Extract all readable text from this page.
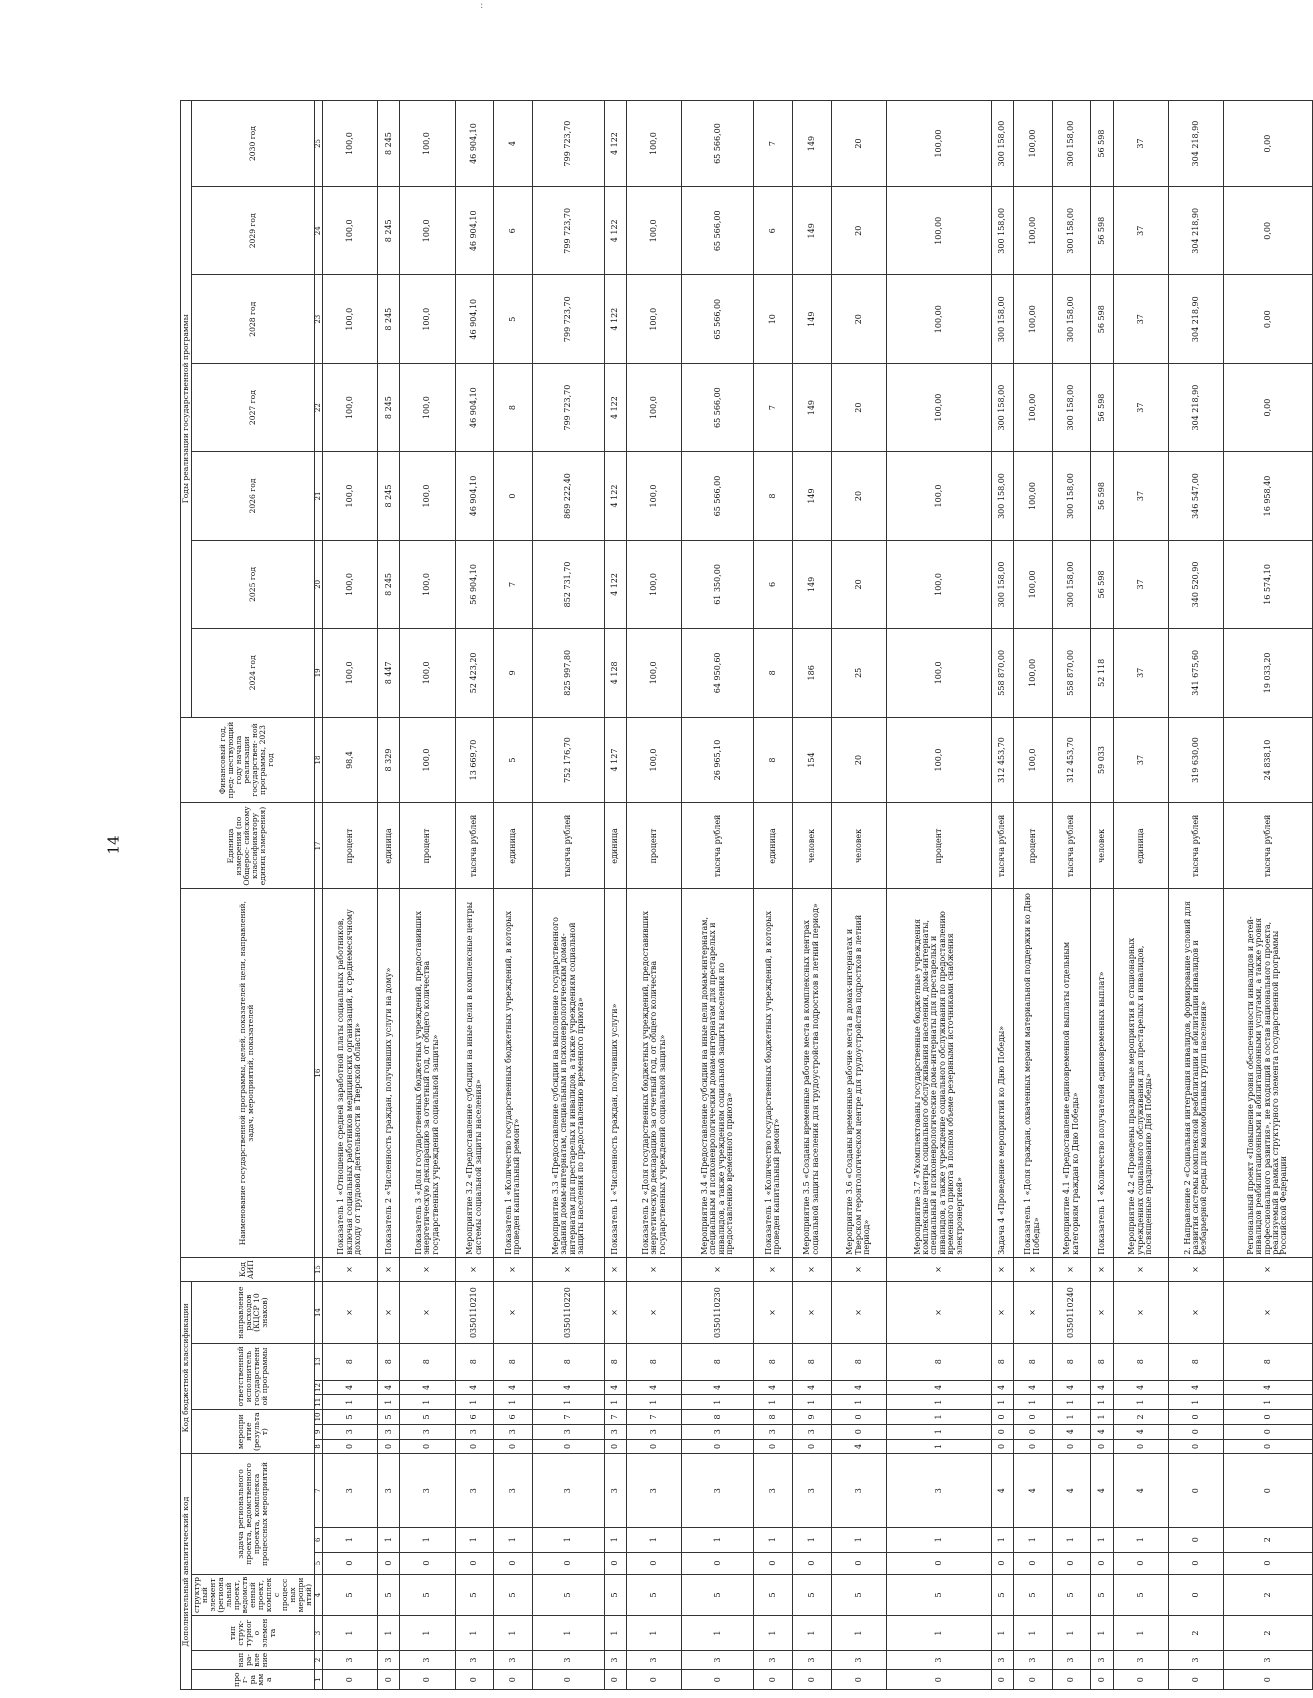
14
:
Дополнительный аналитический код							Код бюджетной классификации							Код АИП	Наименование государственной программы, целей, показателей цели, направлений, задач, мероприятий, показателей	Единица измерения (по Общерос- сийскому классификатору единиц измерения)	Финансовый год, пред- шествующий году начала реализации государствен- ной программы, 2023 год	Годы реализации государственной программы						
прог- рамма	напра- вление	тип струк- турного элемента	структурный элемент (региональный проект, ведомственный проект, комплекс процессных мероприятий)	задача регионального проекта, ведомственного проекта, комплекса процессных мероприятий			мероприятие (результат)			ответственный исполнитель государственной программы			направление расходов (КЦСР 10 знаков)					2024 год	2025 год	2026 год	2027 год	2028 год	2029 год	2030 год

1	2	3	4	5	6	7	8	9	10	11	12	13	14	15	16	17	18	19	20	21	22	23	24	25
0	3	1	5	0	1	3	0	3	5	1	4	8	×	×	Показатель 1 «Отношение средней заработной платы социальных работников, включая социальных работников медицинских организаций, к среднемесячному доходу от трудовой деятельности в Тверской области»	процент	98,4	100,0	100,0	100,0	100,0	100,0	100,0	100,0
0	3	1	5	0	1	3	0	3	5	1	4	8	×	×	Показатель 2 «Численность граждан, получивших услуги на дому»	единица	8 329	8 447	8 245	8 245	8 245	8 245	8 245	8 245
0	3	1	5	0	1	3	0	3	5	1	4	8	×	×	Показатель 3 «Доля государственных бюджетных учреждений, предоставивших энергетическую декларацию за отчетный год, от общего количества государственных учреждений социальной защиты»	процент	100,0	100,0	100,0	100,0	100,0	100,0	100,0	100,0
0	3	1	5	0	1	3	0	3	6	1	4	8	0350110210	×	Мероприятие 3.2 «Предоставление субсидии на иные цели в комплексные центры системы социальной защиты населения»	тысяча рублей	13 669,70	52 423,20	56 904,10	46 904,10	46 904,10	46 904,10	46 904,10	46 904,10
0	3	1	5	0	1	3	0	3	6	1	4	8	×	×	Показатель 1 «Количество государственных бюджетных учреждений, в которых проведен капитальный ремонт»	единица	5	9	7	0	8	5	6	4
0	3	1	5	0	1	3	0	3	7	1	4	8	0350110220	×	Мероприятие 3.3 «Предоставление субсидии на выполнение государственного задания домам-интернатам, специальным и психоневрологическим домам-интернатам для престарелых и инвалидов, а также учреждениям социальной защиты населения по предоставлению временного приюта»	тысяча рублей	752 176,70	825 997,80	852 731,70	869 222,40	799 723,70	799 723,70	799 723,70	799 723,70
0	3	1	5	0	1	3	0	3	7	1	4	8	×	×	Показатель 1 «Численность граждан, получивших услуги»	единица	4 127	4 128	4 122	4 122	4 122	4 122	4 122	4 122
0	3	1	5	0	1	3	0	3	7	1	4	8	×	×	Показатель 2 «Доля государственных бюджетных учреждений, предоставивших энергетическую декларацию за отчетный год, от общего количества государственных учреждений социальной защиты»	процент	100,0	100,0	100,0	100,0	100,0	100,0	100,0	100,0
0	3	1	5	0	1	3	0	3	8	1	4	8	0350110230	×	Мероприятие 3.4 «Предоставление субсидии на иные цели домам-интернатам, специальным и психоневрологическим домам-интернатам для престарелых и инвалидов, а также учреждениям социальной защиты населения по предоставлению временного приюта»	тысяча рублей	26 965,10	64 950,60	61 350,00	65 566,00	65 566,00	65 566,00	65 566,00	65 566,00
0	3	1	5	0	1	3	0	3	8	1	4	8	×	×	Показатель 1 «Количество государственных бюджетных учреждений, в которых проведен капитальный ремонт»	единица	8	8	6	8	7	10	6	7
0	3	1	5	0	1	3	0	3	9	1	4	8	×	×	Мероприятие 3.5 «Созданы временные рабочие места в комплексных центрах социальной защиты населения для трудоустройства подростков в летний период»	человек	154	186	149	149	149	149	149	149
0	3	1	5	0	1	3	4	0	0	1	4	8	×	×	Мероприятие 3.6 «Созданы временные рабочие места в домах-интернатах и Тверском геронтологическом центре для трудоустройства подростков в летний период»	человек	20	25	20	20	20	20	20	20
0	3	1	5	0	1	3	1	1	1	1	4	8	×	×	Мероприятие 3.7 «Укомплектованы государственные бюджетные учреждения комплексные центры социального обслуживания населения, дома-интернаты, специальный и психоневрологические дома-интернаты для престарелых и инвалидов, а также учреждение социального обслуживания по предоставлению временного приюта в полном объеме резервными источниками снабжения электроэнергией»	процент	100,0	100,0	100,0	100,0	100,00	100,00	100,00	100,00
0	3	1	5	0	1	4	0	0	0	1	4	8	×	×	Задача 4 «Проведение мероприятий ко Дню Победы»	тысяча рублей	312 453,70	558 870,00	300 158,00	300 158,00	300 158,00	300 158,00	300 158,00	300 158,00
0	3	1	5	0	1	4	0	0	0	1	4	8	×	×	Показатель 1 «Доля граждан, охваченных мерами материальной поддержки ко Дню Победы»	процент	100,0	100,00	100,00	100,00	100,00	100,00	100,00	100,00
0	3	1	5	0	1	4	0	4	1	1	4	8	0350110240	×	Мероприятие 4.1 «Предоставление единовременной выплаты отдельным категориям граждан ко Дню Победы»	тысяча рублей	312 453,70	558 870,00	300 158,00	300 158,00	300 158,00	300 158,00	300 158,00	300 158,00
0	3	1	5	0	1	4	0	4	1	1	4	8	×	×	Показатель 1 «Количество получателей единовременных выплат»	человек	59 033	52 118	56 598	56 598	56 598	56 598	56 598	56 598
0	3	1	5	0	1	4	0	4	2	1	4	8	×	×	Мероприятие 4.2 «Проведены праздничные мероприятия в стационарных учреждениях социального обслуживания для престарелых и инвалидов, посвященные празднованию Дня Победы»	единица	37	37	37	37	37	37	37	37
0	3	2	0	0	0	0	0	0	0	1	4	8	×	×	2. Направление 2 «Социальная интеграция инвалидов, формирование условий для развития системы комплексной реабилитации и абилитации инвалидов и безбарьерной среды для маломобильных групп населения»	тысяча рублей	319 630,00	341 675,60	340 520,90	346 547,00	304 218,90	304 218,90	304 218,90	304 218,90
0	3	2	2	0	2	0	0	0	0	1	4	8	×	×	Региональный проект «Повышение уровня обеспеченности инвалидов и детей-инвалидов реабилитационными и абилитационными услугами, а также уровня профессионального развития», не входящий в состав национального проекта, реализуемый в рамках структурного элемента государственной программы Российской Федерации	тысяча рублей	24 838,10	19 033,20	16 574,10	16 958,40	0,00	0,00	0,00	0,00
